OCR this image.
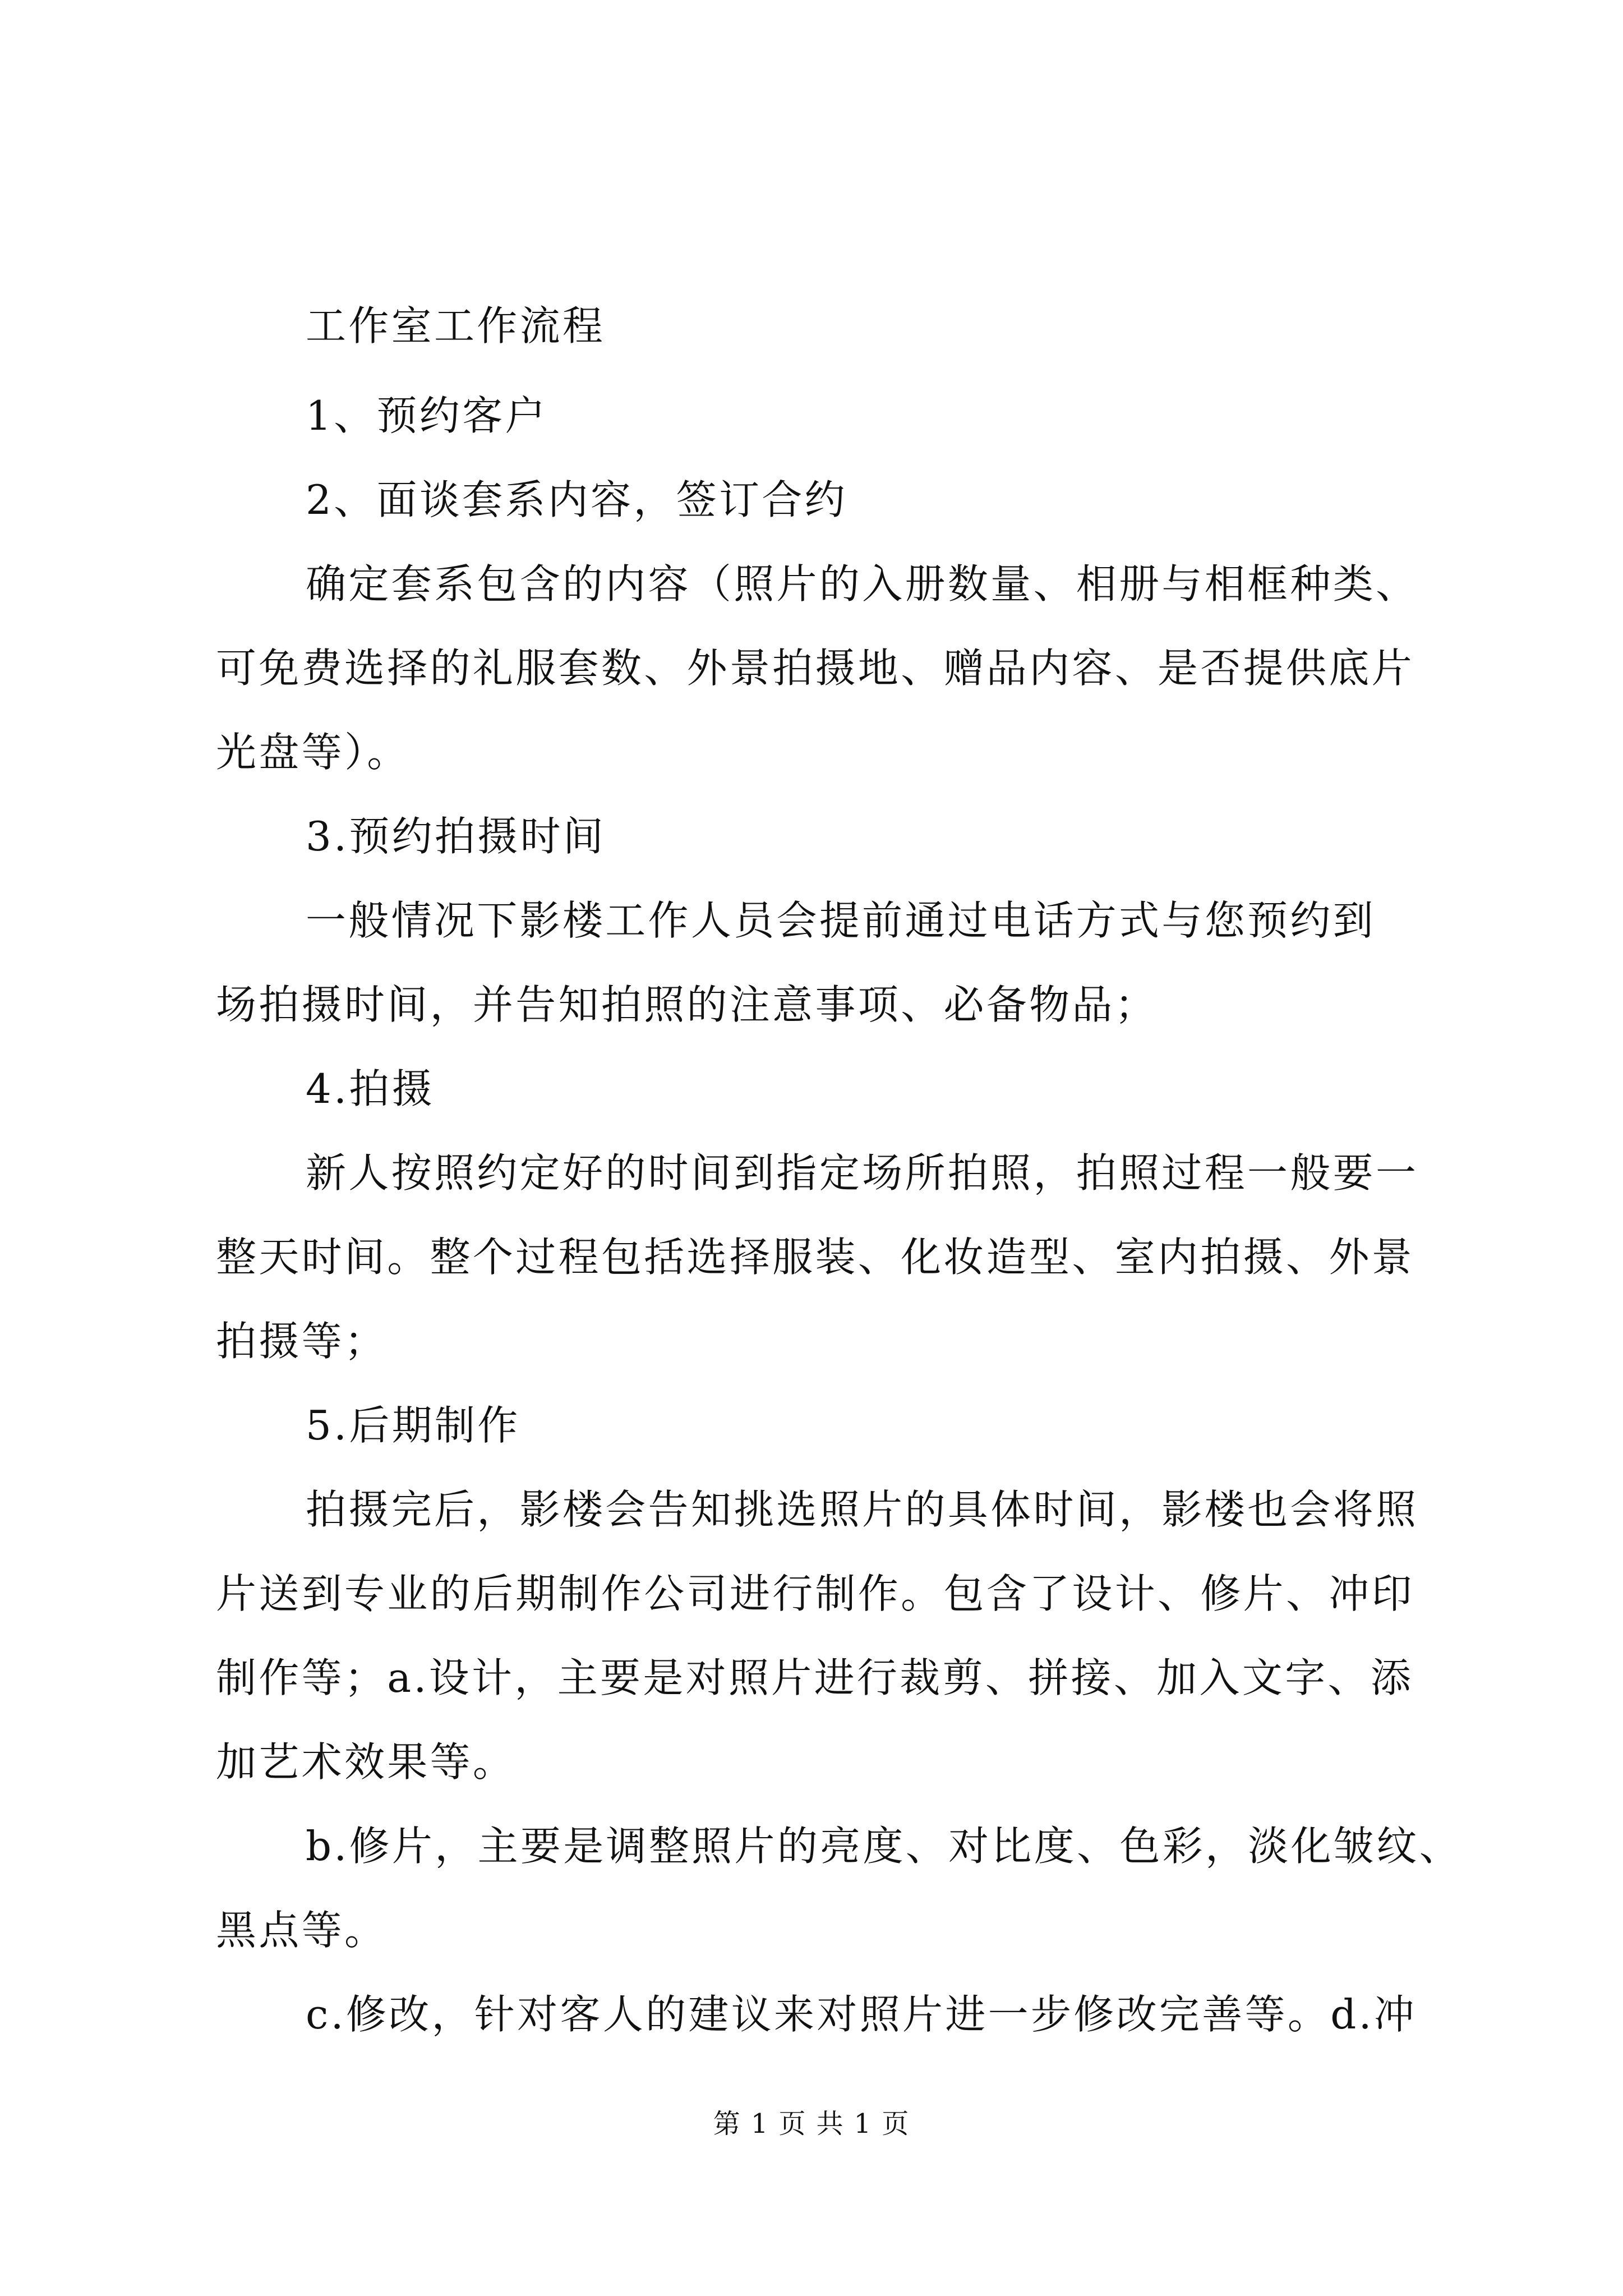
工作室工作流程
1、预约客户
2、面谈套系内容，签订合约
确定套系包含的内容（照片的入册数量、相册与相框种类、
可免费选择的礼服套数、外景拍摄地、赠品内容、是否提供底片
光盘等）。
3.预约拍摄时间
一般情况下影楼工作人员会提前通过电话方式与您预约到
场拍摄时间，并告知拍照的注意事项、必备物品；
4.拍摄
新人按照约定好的时间到指定场所拍照，拍照过程一般要一
整天时间。整个过程包括选择服装、化妆造型、室内拍摄、外景
拍摄等；
5.后期制作
拍摄完后，影楼会告知挑选照片的具体时间，影楼也会将照
片送到专业的后期制作公司进行制作。包含了设计、修片、冲印
制作等；a.设计，主要是对照片进行裁剪、拼接、加入文字、添
加艺术效果等。
b.修片，主要是调整照片的亮度、对比度、色彩，淡化皱纹、
黑点等。
c.修改，针对客人的建议来对照片进一步修改完善等。d.冲
第 1 页 共 1 页
